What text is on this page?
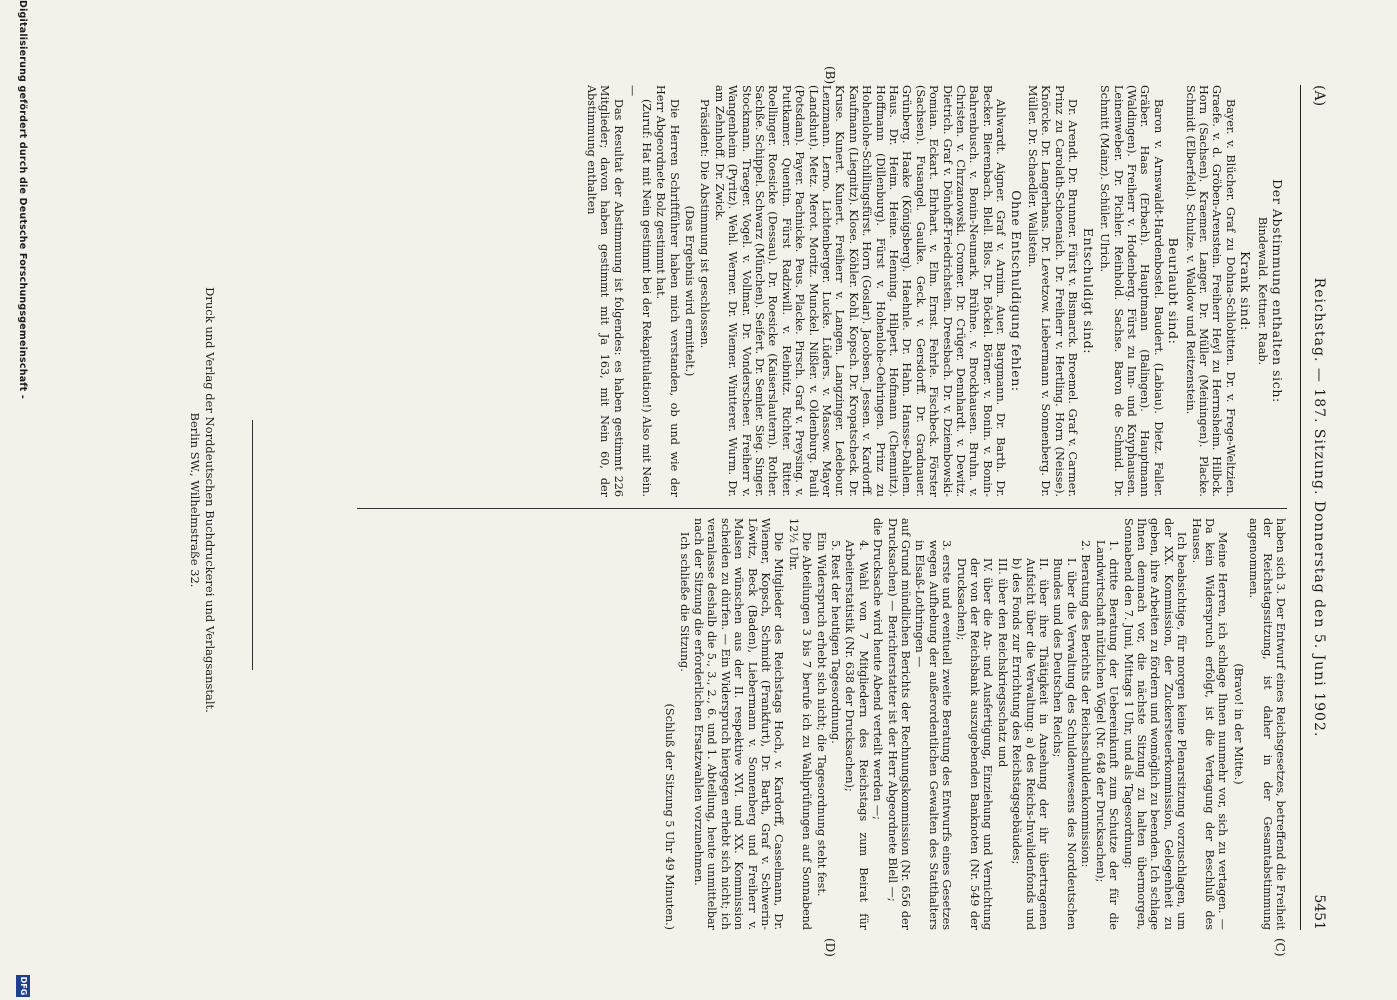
(A)
Reichstag. — 187. Sitzung. Donnerstag den 5. Juni 1902.
5451
(C)
(B)
(D)

Der Abstimmung enthalten sich:

Bindewald. Kettner. Raab.

Krank sind:

Bayer. v. Blücher. Graf zu Dohna-Schlobitten. Dr. v. Frege-Weltzien. Graefe. v. d. Gröben-Arenstein. Freiherr Heyl zu Herrnsheim. Hilbck. Horn (Sachsen). Kraemer. Langer. Dr. Müller (Meiningen). Placke. Schmidt (Elberfeld). Schulze. v. Waldow und Reitzenstein.

Beurlaubt sind:

Baron v. Arnswaldt-Hardenbostel. Baudert. (Labiau). Dietz. Faller. Gräber. Haas (Erbach). Hauptmann (Balingen). Hauptmann (Waldingen). Freiherr v. Hodenberg. Fürst zu Inn- und Knyphausen. Leinenweber. Dr. Pichler. Reinhold. Sachse. Baron de Schmid. Dr. Schmitt (Mainz). Schüler. Ulrich.

Entschuldigt sind:

Dr. Arendt. Dr. Brunner. Fürst v. Bismarck. Broemel. Graf v. Carmer. Prinz zu Carolath-Schoenaich. Dr. Freiherr v. Hertling. Horn (Neisse). Knörcke. Dr. Langerhans. Dr. Levetzow. Liebermann v. Sonnenberg. Dr. Müller. Dr. Schaedler. Wallstein.

Ohne Entschuldigung fehlen:

Ahlwardt. Aigner. Graf v. Arnim. Auer. Bargmann. Dr. Barth. Dr. Becker. Bierenbach. Blell. Blos. Dr. Böckel. Börner. v. Bonin. v. Bonin-Bahrenbusch. v. Bonin-Neumark. Brühne. v. Brockhausen. Bruhn. v. Christen. v. Chrzanowski. Cromer. Dr. Crüger. Dennhardt. v. Dewitz. Dietrich. Graf v. Dönhoff-Friedrichstein. Dreesbach. Dr. v. Dziembowski-Pomian. Eckart. Ehrhart. v. Elm. Ernst. Fehrle. Fischbeck. Förster (Sachsen). Fusangel. Gaulke. Geck. v. Gersdorff. Dr. Gradnauer. Grünberg. Haake (Königsberg). Haehnle. Dr. Hahn. Hansse-Dahlem. Haus. Dr. Heim. Heine. Henning. Hilpert. Hofmann (Chemnitz). Hoffmann (Dillenburg). Fürst v. Hohenlohe-Oehringen. Prinz zu Hohenlohe-Schillingsfürst. Horn (Goslar). Jacobsen. Jessen. v. Kardorff. Kaufmann (Liegnitz). Klose. Köhler. Kohl. Kopsch. Dr. Kropatscheck. Dr. Kruse. Kunert. Kunert. Freiherr v. Langen. Langzinger. Ledebour. Lenzmann. Lerno. Lichtenberger. Lucke. Lüders. v. Massow. Mayer (Landshut). Metz. Merot. Moritz. Munckel. Nißler. v. Oldenburg. Pauli (Potsdam). Payer. Pachnicke. Peus. Placke. Pirsch. Graf v. Preysing. v. Puttkamer. Quentin. Fürst Radziwill. v. Reibnitz. Richter. Ritter. Roellinger. Roesicke (Dessau). Dr. Roesicke (Kaiserslautern). Rother. Sachße. Schippel. Schwarz (München). Seifert. Dr. Semler. Sieg. Singer. Stockmann. Traeger. Vogel. v. Vollmar. Dr. Vonderscheer. Freiherr v. Wangenheim (Pyritz). Wehl. Werner. Dr. Wiemer. Wintterer. Wurm. Dr. am Zehnhoff. Dr. Zwick.

Präsident: Die Abstimmung ist geschlossen.

(Das Ergebnis wird ermittelt.)

Die Herren Schriftführer haben mich verstanden, ob und wie der Herr Abgeordnete Bolz gestimmt hat.

(Zuruf: Hat mit Nein gestimmt bei der Rekapitulation!) Also mit Nein. —

Das Resultat der Abstimmung ist folgendes: es haben gestimmt 226 Mitglieder; davon haben gestimmt mit Ja 163, mit Nein 60, der Abstimmung enthalten

haben sich 3. Der Entwurf eines Reichsgesetzes, betreffend die Freiheit der Reichstagssitzung, ist daher in der Gesamtabstimmung angenommen.

(Bravo! in der Mitte.)

Meine Herren, ich schlage Ihnen nunmehr vor, sich zu vertagen. — Da kein Widerspruch erfolgt, ist die Vertagung der Beschluß des Hauses.

Ich beabsichtige, für morgen keine Plenarsitzung vorzuschlagen, um der XX. Kommission, der Zuckersteuerkommission, Gelegenheit zu geben, ihre Arbeiten zu fördern und womöglich zu beenden. Ich schlage Ihnen demnach vor, die nächste Sitzung zu halten übermorgen, Sonnabend den 7. Juni, Mittags 1 Uhr, und als Tagesordnung:

1. dritte Beratung der Uebereinkunft zum Schutze der für die Landwirtschaft nützlichen Vögel (Nr. 648 der Drucksachen);

2. Beratung des Berichts der Reichsschuldenkommission:

I. über die Verwaltung des Schuldenwesens des Norddeutschen Bundes und des Deutschen Reichs;

II. über ihre Thätigkeit in Ansehung der ihr übertragenen Aufsicht über die Verwaltung: a) des Reichs-Invalidenfonds und b) des Fonds zur Errichtung des Reichstagsgebäudes;

III. über den Reichskriegsschatz und

IV. über die An- und Ausfertigung, Einziehung und Vernichtung der von der Reichsbank auszugebenden Banknoten (Nr. 549 der Drucksachen);

3. erste und eventuell zweite Beratung des Entwurfs eines Gesetzes wegen Aufhebung der außerordentlichen Gewalten des Statthalters in Elsaß-Lothringen —

auf Grund mündlichen Berichts der Rechnungskommission (Nr. 656 der Drucksachen) — Berichterstatter ist der Herr Abgeordnete Blell —;

die Drucksache wird heute Abend verteilt werden —;

4. Wahl von 7 Mitgliedern des Reichstags zum Beirat für Arbeiterstatistik (Nr. 638 der Drucksachen);

5. Rest der heutigen Tagesordnung.

Ein Widerspruch erhebt sich nicht; die Tagesordnung steht fest.

Die Abteilungen 3 bis 7 berufe ich zu Wahlprüfungen auf Sonnabend 12½ Uhr.

Die Mitglieder des Reichstags Hoch, v. Kardorff, Casselmann, Dr. Wiemer, Kopsch, Schmidt (Frankfurt), Dr. Barth, Graf v. Schwerin-Löwitz, Beck (Baden), Liebermann v. Sonnenberg und Freiherr v. Malsen wünschen aus der II. respektive XVI. und XX. Kommission scheiden zu dürfen. — Ein Widerspruch hiergegen erhebt sich nicht; ich veranlasse deshalb die 5., 3., 2., 6. und 1. Abteilung, heute unmittelbar nach der Sitzung die erforderlichen Ersatzwahlen vorzunehmen.

Ich schließe die Sitzung.

(Schluß der Sitzung 5 Uhr 49 Minuten.)

Druck und Verlag der Norddeutschen Buchdruckerei und Verlagsanstalt.
Berlin SW., Wilhelmstraße 32.
Digitalisierung gefördert durch die Deutsche Forschungsgemeinschaft -
DFG
